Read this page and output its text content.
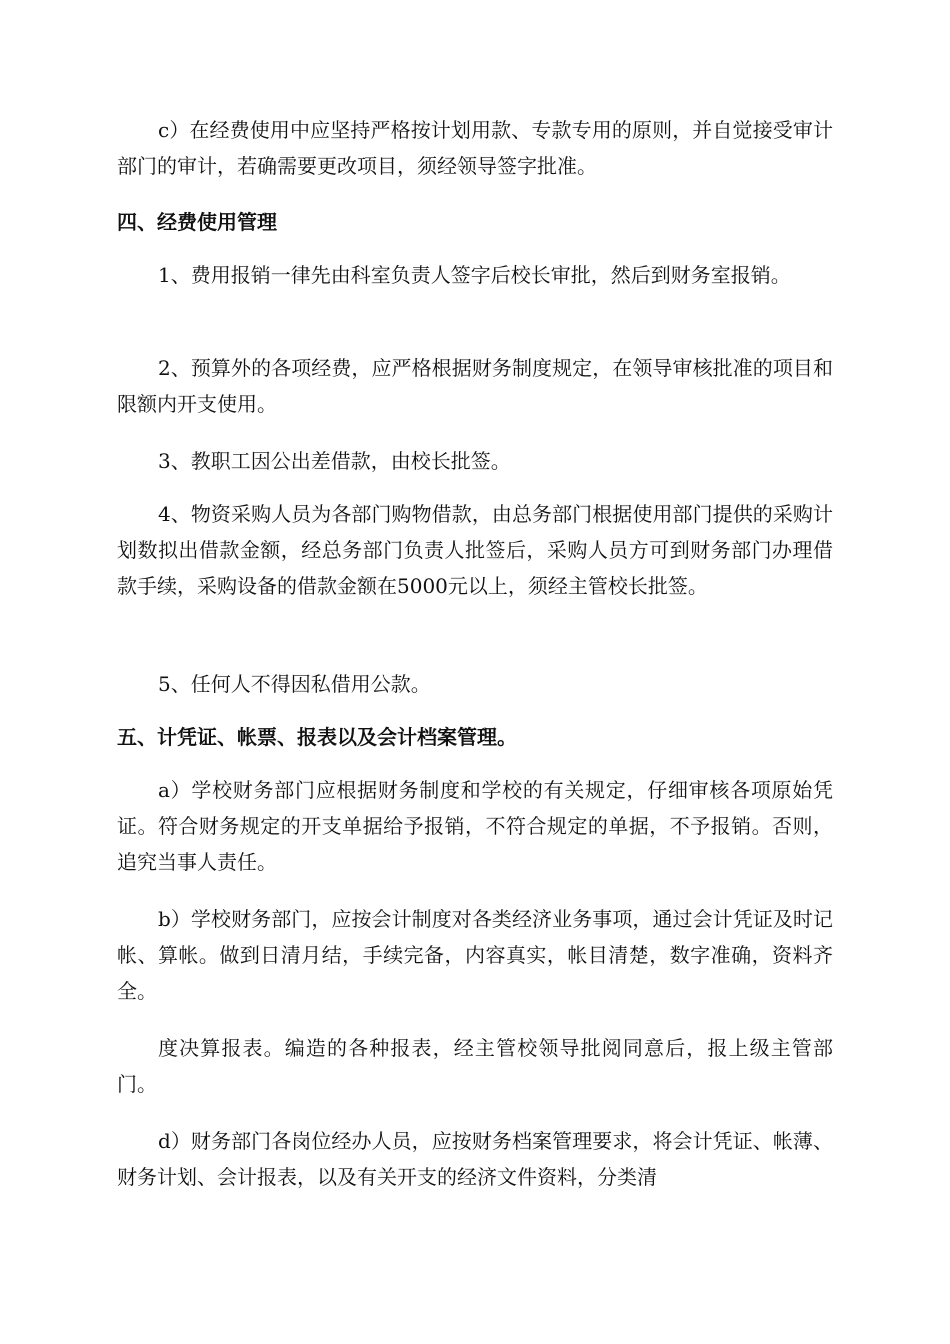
c）在经费使用中应坚持严格按计划用款、专款专用的原则，并自觉接受审计部门的审计，若确需要更改项目，须经领导签字批准。

四、经费使用管理

1、费用报销一律先由科室负责人签字后校长审批，然后到财务室报销。

2、预算外的各项经费，应严格根据财务制度规定，在领导审核批准的项目和限额内开支使用。

3、教职工因公出差借款，由校长批签。

4、物资采购人员为各部门购物借款，由总务部门根据使用部门提供的采购计划数拟出借款金额，经总务部门负责人批签后，采购人员方可到财务部门办理借款手续，采购设备的借款金额在5000元以上，须经主管校长批签。

5、任何人不得因私借用公款。

五、计凭证、帐票、报表以及会计档案管理。

a）学校财务部门应根据财务制度和学校的有关规定，仔细审核各项原始凭证。符合财务规定的开支单据给予报销，不符合规定的单据，不予报销。否则，追究当事人责任。

b）学校财务部门，应按会计制度对各类经济业务事项，通过会计凭证及时记帐、算帐。做到日清月结，手续完备，内容真实，帐目清楚，数字准确，资料齐全。

度决算报表。编造的各种报表，经主管校领导批阅同意后，报上级主管部门。

d）财务部门各岗位经办人员，应按财务档案管理要求，将会计凭证、帐薄、财务计划、会计报表，以及有关开支的经济文件资料，分类清
